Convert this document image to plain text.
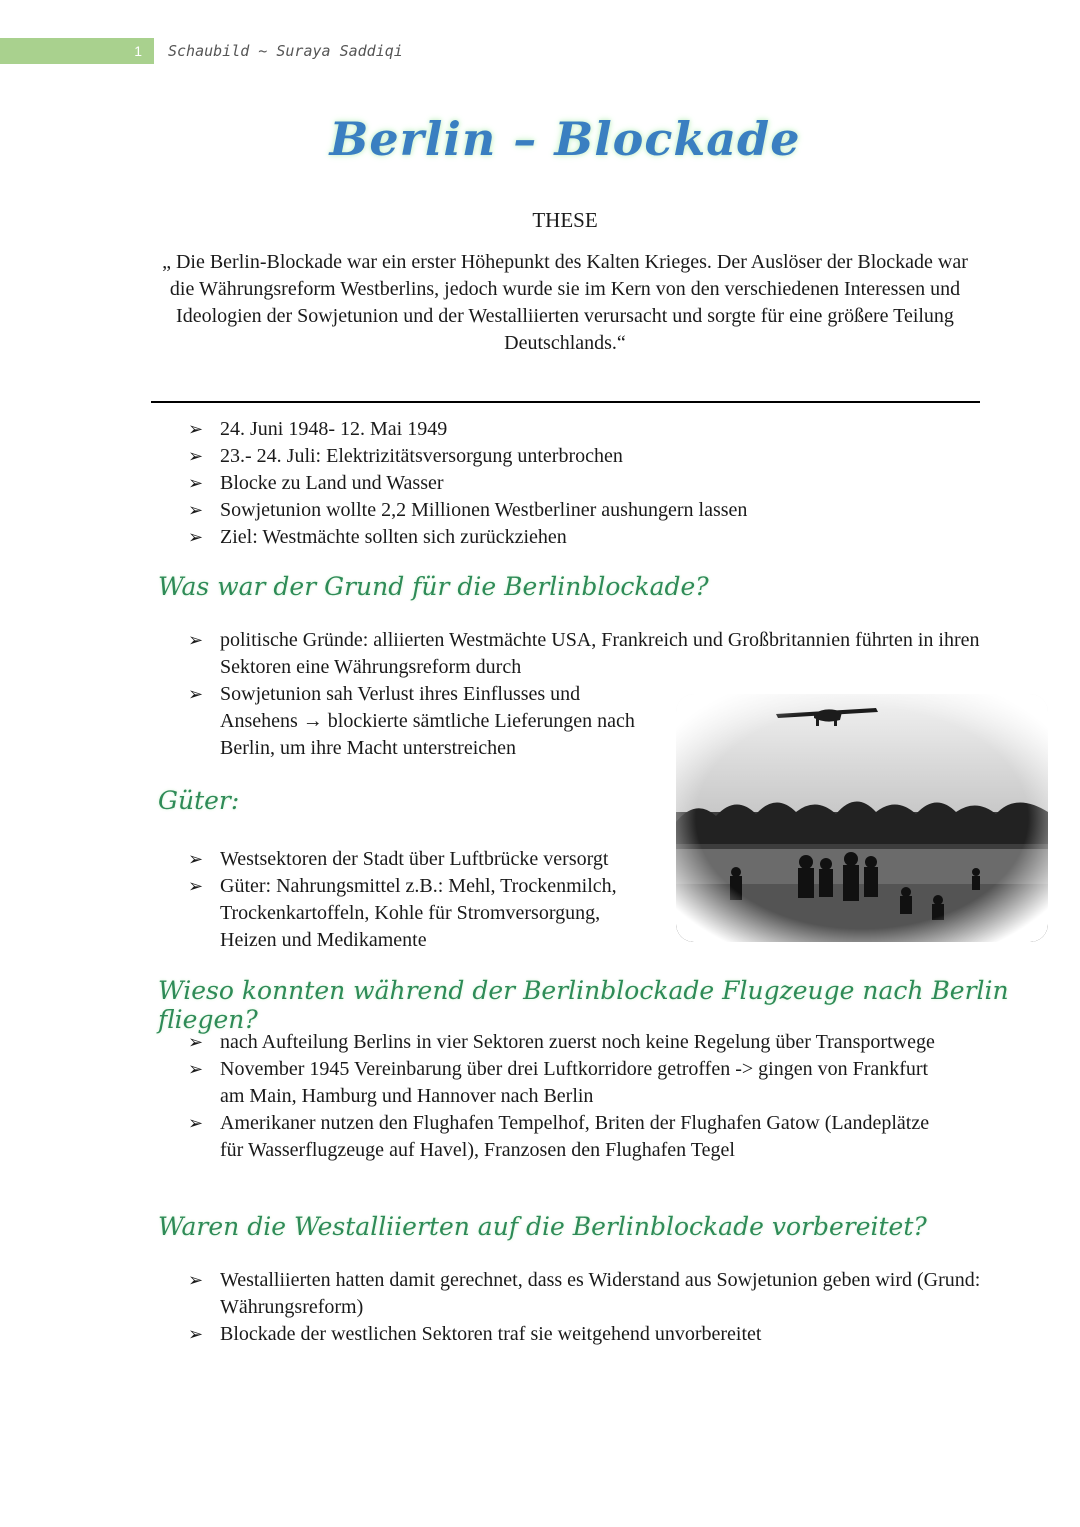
1	Schaubild ~ Suraya Saddiqi
Berlin – Blockade
THESE

„ Die Berlin-Blockade war ein erster Höhepunkt des Kalten Krieges. Der Auslöser der Blockade war die Währungsreform Westberlins, jedoch wurde sie im Kern von den verschiedenen Interessen und Ideologien der Sowjetunion und der Westalliierten verursacht und sorgte für eine größere Teilung Deutschlands.“

➢ 24. Juni 1948- 12. Mai 1949
➢ 23.- 24. Juli: Elektrizitätsversorgung unterbrochen
➢ Blocke zu Land und Wasser
➢ Sowjetunion wollte 2,2 Millionen Westberliner aushungern lassen
➢ Ziel: Westmächte sollten sich zurückziehen
Was war der Grund für die Berlinblockade?
➢ politische Gründe: alliierten Westmächte USA, Frankreich und Großbritannien führten in ihren Sektoren eine Währungsreform durch
➢ Sowjetunion sah Verlust ihres Einflusses und Ansehens → blockierte sämtliche Lieferungen nach Berlin, um ihre Macht unterstreichen
Güter:
➢ Westsektoren der Stadt über Luftbrücke versorgt
➢ Güter: Nahrungsmittel z.B.: Mehl, Trockenmilch, Trockenkartoffeln, Kohle für Stromversorgung, Heizen und Medikamente
Wieso konnten während der Berlinblockade Flugzeuge nach Berlin fliegen?
➢ nach Aufteilung Berlins in vier Sektoren zuerst noch keine Regelung über Transportwege
➢ November 1945 Vereinbarung über drei Luftkorridore getroffen -> gingen von Frankfurt am Main, Hamburg und Hannover nach Berlin
➢ Amerikaner nutzen den Flughafen Tempelhof, Briten der Flughafen Gatow (Landeplätze für Wasserflugzeuge auf Havel), Franzosen den Flughafen Tegel
Waren die Westalliierten auf die Berlinblockade vorbereitet?
➢ Westalliierten hatten damit gerechnet, dass es Widerstand aus Sowjetunion geben wird (Grund: Währungsreform)
➢ Blockade der westlichen Sektoren traf sie weitgehend unvorbereitet
